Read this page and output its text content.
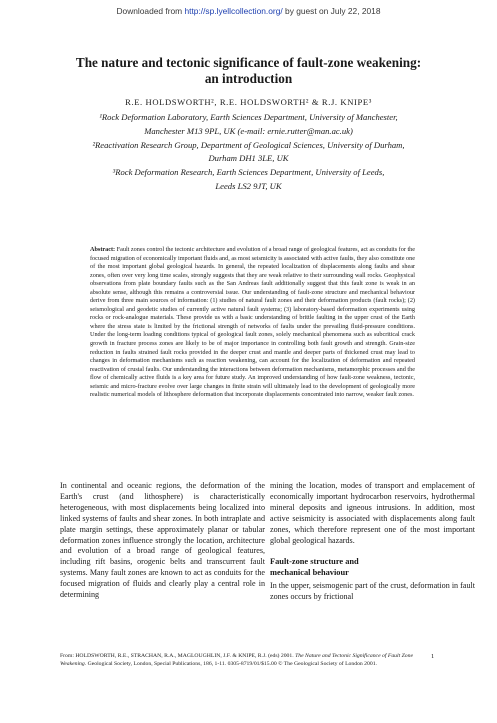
Downloaded from http://sp.lyellcollection.org/ by guest on July 22, 2018
The nature and tectonic significance of fault-zone weakening:
an introduction
R.E. HOLDSWORTH², R.E. HOLDSWORTH² & R.J. KNIPE³
¹Rock Deformation Laboratory, Earth Sciences Department, University of Manchester,
Manchester M13 9PL, UK (e-mail: ernie.rutter@man.ac.uk)
²Reactivation Research Group, Department of Geological Sciences, University of Durham,
Durham DH1 3LE, UK
³Rock Deformation Research, Earth Sciences Department, University of Leeds,
Leeds LS2 9JT, UK
Abstract: Fault zones control the tectonic architecture and evolution of a broad range of geological features, act as conduits for the focused migration of economically important fluids and, as most seismicity is associated with active faults, they also constitute one of the most important global geological hazards. In general, the repeated localization of displacements along faults and shear zones, often over very long time scales, strongly suggests that they are weak relative to their surrounding wall rocks. Geophysical observations from plate boundary faults such as the San Andreas fault additionally suggest that this fault zone is weak in an absolute sense, although this remains a controversial issue. Our understanding of fault-zone structure and mechanical behaviour derive from three main sources of information: (1) studies of natural fault zones and their deformation products (fault rocks); (2) seismological and geodetic studies of currently active natural fault systems; (3) laboratory-based deformation experiments using rocks or rock-analogue materials. These provide us with a basic understanding of brittle faulting in the upper crust of the Earth where the stress state is limited by the frictional strength of networks of faults under the prevailing fluid-pressure conditions. Under the long-term loading conditions typical of geological fault zones, solely mechanical phenomena such as subcritical crack growth in fracture process zones are likely to be of major importance in controlling both fault growth and strength. Grain-size reduction in faults strained fault rocks provided in the deeper crust and mantle and deeper parts of thickened crust may lead to changes in deformation mechanisms such as reaction weakening, can account for the localization of deformation and repeated reactivation of crustal faults. Our understanding the interactions between deformation mechanisms, metamorphic processes and the flow of chemically active fluids is a key area for future study. An improved understanding of how fault-zone weakness, tectonic, seismic and micro-fracture evolve over large changes in finite strain will ultimately lead to the development of geologically more realistic numerical models of lithosphere deformation that incorporate displacements concentrated into narrow, weaker fault zones.

In continental and oceanic regions, the deformation of the Earth's crust (and lithosphere) is characteristically heterogeneous, with most displacements being localized into linked systems of faults and shear zones. In both intraplate and plate margin settings, these approximately planar or tabular deformation zones influence strongly the location, architecture and evolution of a broad range of geological features, including rift basins, orogenic belts and transcurrent fault systems. Many fault zones are known to act as conduits for the focused migration of fluids and clearly play a central role in determining

mining the location, modes of transport and emplacement of economically important hydrocarbon reservoirs, hydrothermal mineral deposits and igneous intrusions. In addition, most active seismicity is associated with displacements along fault zones, which therefore represent one of the most important global geological hazards.

Fault-zone structure and
mechanical behaviour

In the upper, seismogenic part of the crust, deformation in fault zones occurs by frictional

From: HOLDSWORTH, R.E., STRACHAN, R.A., MAGLOUGHLIN, J.F. & KNIPE, R.J. (eds) 2001. The Nature and Tectonic Significance of Fault Zone Weakening. Geological Society, London, Special Publications, 186, 1-11. 0305-8719/01/$15.00 © The Geological Society of London 2001.
1
